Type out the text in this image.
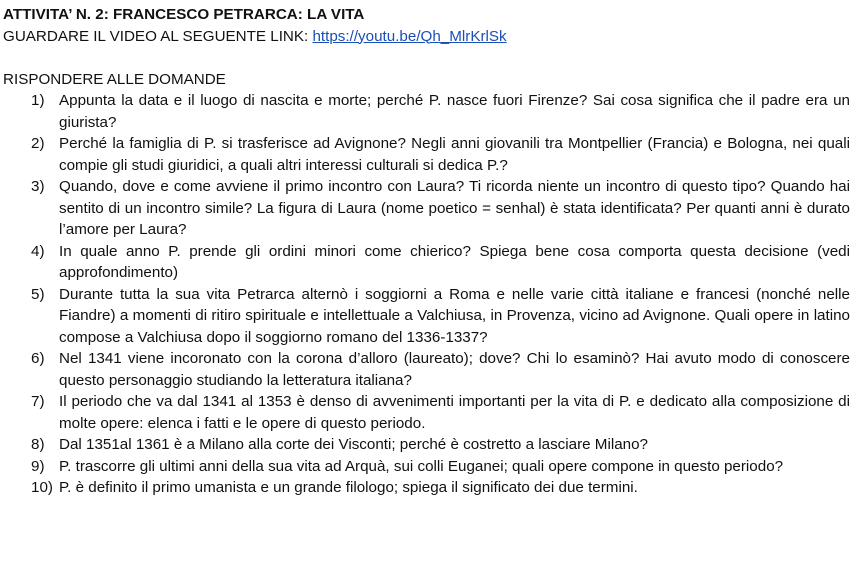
ATTIVITA’ N. 2: FRANCESCO PETRARCA: LA VITA

GUARDARE IL VIDEO AL SEGUENTE LINK: https://youtu.be/Qh_MlrKrlSk

RISPONDERE ALLE DOMANDE

1) Appunta la data e il luogo di nascita e morte; perché P. nasce fuori Firenze? Sai cosa significa che il padre era un giurista?
2) Perché la famiglia di P. si trasferisce ad Avignone? Negli anni giovanili tra Montpellier (Francia) e Bologna, nei quali compie gli studi giuridici, a quali altri interessi culturali si dedica P.?
3) Quando, dove e come avviene il primo incontro con Laura? Ti ricorda niente un incontro di questo tipo? Quando hai sentito di un incontro simile? La figura di Laura (nome poetico = senhal) è stata identificata? Per quanti anni è durato l’amore per Laura?
4) In quale anno P. prende gli ordini minori come chierico? Spiega bene cosa comporta questa decisione (vedi approfondimento)
5) Durante tutta la sua vita Petrarca alternò i soggiorni a Roma e nelle varie città italiane e francesi (nonché nelle Fiandre) a momenti di ritiro spirituale e intellettuale a Valchiusa, in Provenza, vicino ad Avignone. Quali opere in latino compose a Valchiusa dopo il soggiorno romano del 1336-1337?
6) Nel 1341 viene incoronato con la corona d’alloro (laureato); dove? Chi lo esaminò? Hai avuto modo di conoscere questo personaggio studiando la letteratura italiana?
7) Il periodo che va dal 1341 al 1353 è denso di avvenimenti importanti per la vita di P. e dedicato alla composizione di molte opere: elenca i fatti e le opere di questo periodo.
8) Dal 1351al 1361 è a Milano alla corte dei Visconti; perché è costretto a lasciare Milano?
9) P. trascorre gli ultimi anni della sua vita ad Arquà, sui colli Euganei; quali opere compone in questo periodo?
10) P. è definito il primo umanista e un grande filologo; spiega il significato dei due termini.
